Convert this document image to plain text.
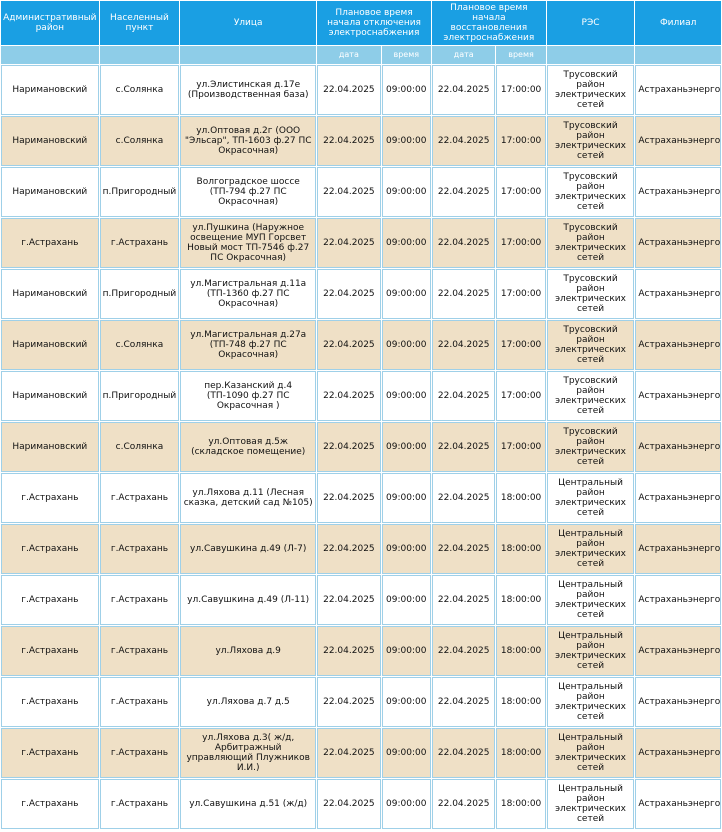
Административный район	Населенный пункт	Улица	Плановое время начала отключения электроснабжения		Плановое время начала восстановления электроснабжения		РЭС	Филиал
			дата	время	дата	время		
Наримановский	с.Солянка	ул.Элистинская д.17е (Производственная база)	22.04.2025	09:00:00	22.04.2025	17:00:00	Трусовский район электрических сетей	Астраханьэнерго
Наримановский	с.Солянка	ул.Оптовая д.2г (ООО "Эльсар", ТП-1603 ф.27 ПС Окрасочная)	22.04.2025	09:00:00	22.04.2025	17:00:00	Трусовский район электрических сетей	Астраханьэнерго
Наримановский	п.Пригородный	Волгоградское шоссе (ТП-794 ф.27 ПС Окрасочная)	22.04.2025	09:00:00	22.04.2025	17:00:00	Трусовский район электрических сетей	Астраханьэнерго
г.Астрахань	г.Астрахань	ул.Пушкина (Наружное освещение МУП Горсвет Новый мост ТП-7546 ф.27 ПС Окрасочная)	22.04.2025	09:00:00	22.04.2025	17:00:00	Трусовский район электрических сетей	Астраханьэнерго
Наримановский	п.Пригородный	ул.Магистральная д.11а (ТП-1360 ф.27 ПС Окрасочная)	22.04.2025	09:00:00	22.04.2025	17:00:00	Трусовский район электрических сетей	Астраханьэнерго
Наримановский	с.Солянка	ул.Магистральная д.27а (ТП-748 ф.27 ПС Окрасочная)	22.04.2025	09:00:00	22.04.2025	17:00:00	Трусовский район электрических сетей	Астраханьэнерго
Наримановский	п.Пригородный	пер.Казанский д.4 (ТП-1090 ф.27 ПС Окрасочная )	22.04.2025	09:00:00	22.04.2025	17:00:00	Трусовский район электрических сетей	Астраханьэнерго
Наримановский	с.Солянка	ул.Оптовая д.5ж (складское помещение)	22.04.2025	09:00:00	22.04.2025	17:00:00	Трусовский район электрических сетей	Астраханьэнерго
г.Астрахань	г.Астрахань	ул.Ляхова д.11 (Лесная сказка, детский сад №105)	22.04.2025	09:00:00	22.04.2025	18:00:00	Центральный район электрических сетей	Астраханьэнерго
г.Астрахань	г.Астрахань	ул.Савушкина д.49 (Л-7)	22.04.2025	09:00:00	22.04.2025	18:00:00	Центральный район электрических сетей	Астраханьэнерго
г.Астрахань	г.Астрахань	ул.Савушкина д.49 (Л-11)	22.04.2025	09:00:00	22.04.2025	18:00:00	Центральный район электрических сетей	Астраханьэнерго
г.Астрахань	г.Астрахань	ул.Ляхова д.9	22.04.2025	09:00:00	22.04.2025	18:00:00	Центральный район электрических сетей	Астраханьэнерго
г.Астрахань	г.Астрахань	ул.Ляхова д.7 д.5	22.04.2025	09:00:00	22.04.2025	18:00:00	Центральный район электрических сетей	Астраханьэнерго
г.Астрахань	г.Астрахань	ул.Ляхова д.3( ж/д, Арбитражный управляющий Плужников И.И.)	22.04.2025	09:00:00	22.04.2025	18:00:00	Центральный район электрических сетей	Астраханьэнерго
г.Астрахань	г.Астрахань	ул.Савушкина д.51 (ж/д)	22.04.2025	09:00:00	22.04.2025	18:00:00	Центральный район электрических сетей	Астраханьэнерго
